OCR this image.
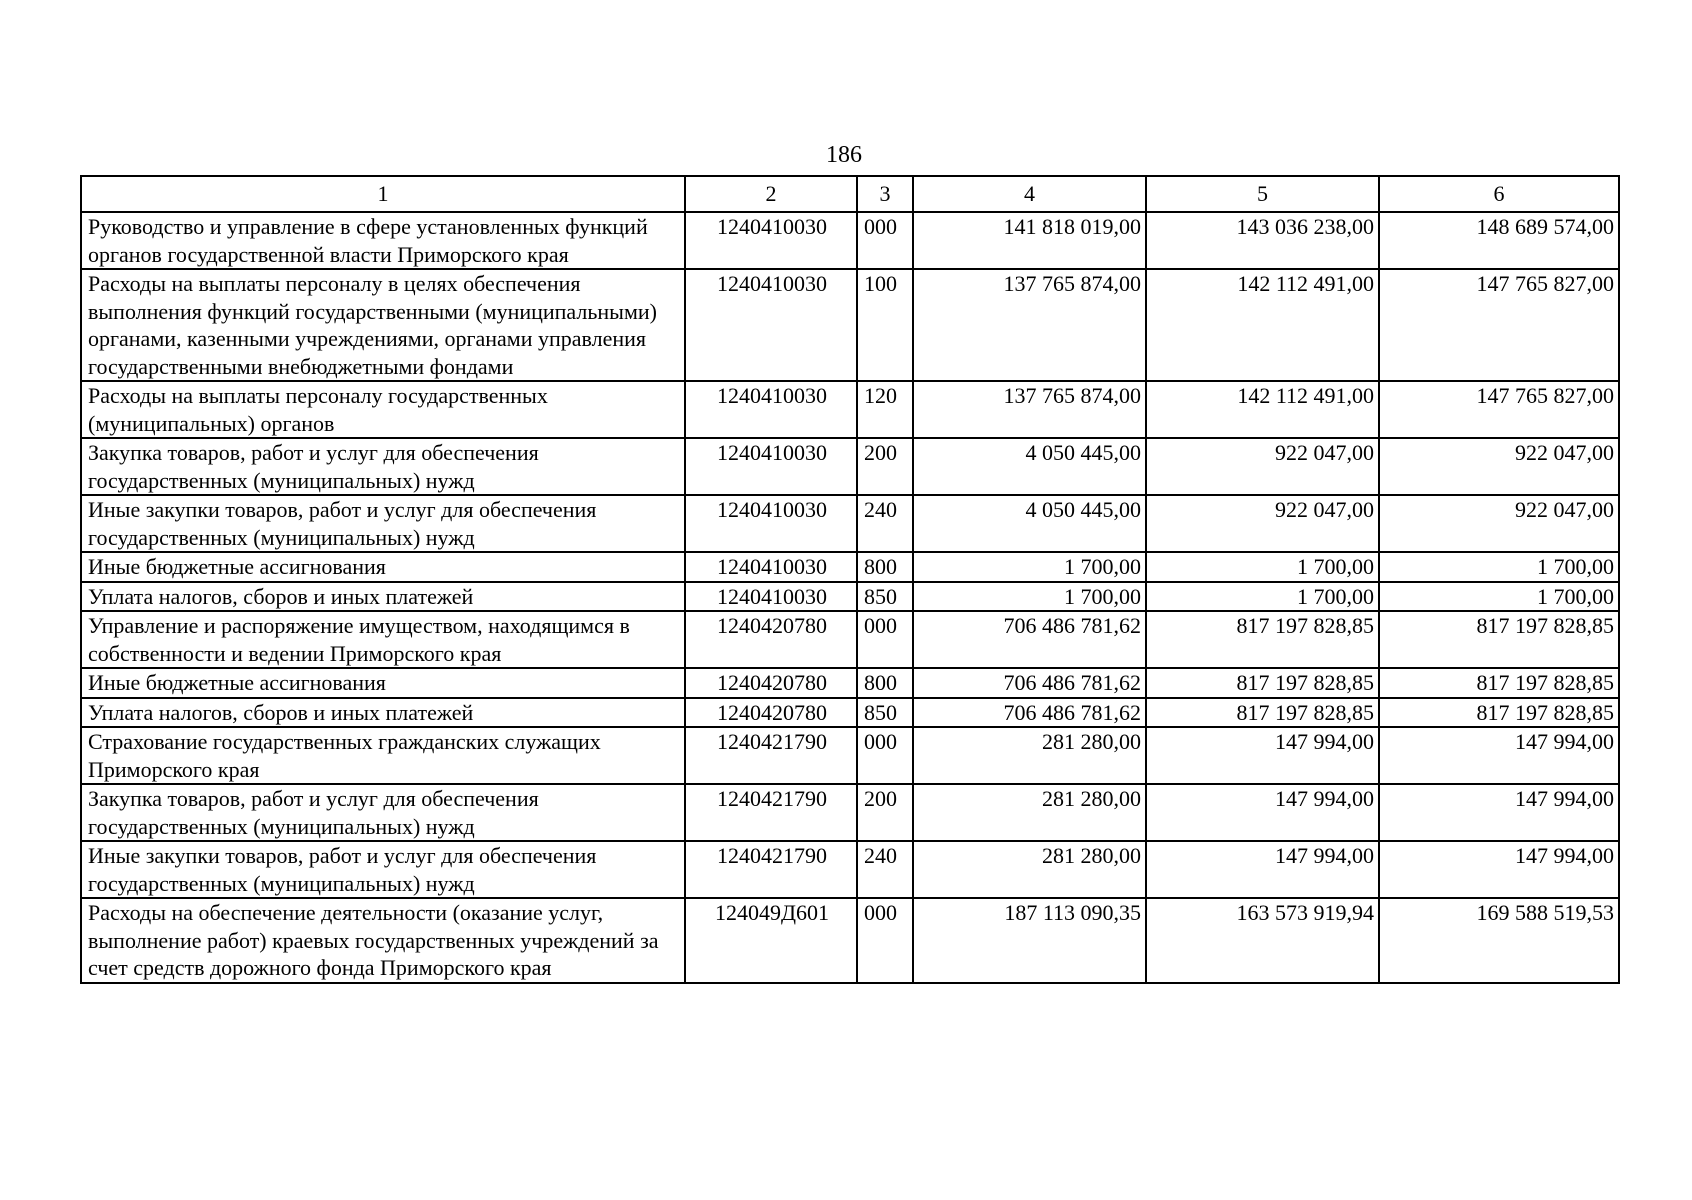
186
1	2	3	4	5	6
Руководство и управление в сфере установленных функций органов государственной власти Приморского края	1240410030	000	141 818 019,00	143 036 238,00	148 689 574,00
Расходы на выплаты персоналу в целях обеспечения выполнения функций государственными (муниципальными) органами, казенными учреждениями, органами управления государственными внебюджетными фондами	1240410030	100	137 765 874,00	142 112 491,00	147 765 827,00
Расходы на выплаты персоналу государственных (муниципальных) органов	1240410030	120	137 765 874,00	142 112 491,00	147 765 827,00
Закупка товаров, работ и услуг для обеспечения государственных (муниципальных) нужд	1240410030	200	4 050 445,00	922 047,00	922 047,00
Иные закупки товаров, работ и услуг для обеспечения государственных (муниципальных) нужд	1240410030	240	4 050 445,00	922 047,00	922 047,00
Иные бюджетные ассигнования	1240410030	800	1 700,00	1 700,00	1 700,00
Уплата налогов, сборов и иных платежей	1240410030	850	1 700,00	1 700,00	1 700,00
Управление и распоряжение имуществом, находящимся в собственности и ведении Приморского края	1240420780	000	706 486 781,62	817 197 828,85	817 197 828,85
Иные бюджетные ассигнования	1240420780	800	706 486 781,62	817 197 828,85	817 197 828,85
Уплата налогов, сборов и иных платежей	1240420780	850	706 486 781,62	817 197 828,85	817 197 828,85
Страхование государственных гражданских служащих Приморского края	1240421790	000	281 280,00	147 994,00	147 994,00
Закупка товаров, работ и услуг для обеспечения государственных (муниципальных) нужд	1240421790	200	281 280,00	147 994,00	147 994,00
Иные закупки товаров, работ и услуг для обеспечения государственных (муниципальных) нужд	1240421790	240	281 280,00	147 994,00	147 994,00
Расходы на обеспечение деятельности (оказание услуг, выполнение работ) краевых государственных учреждений за счет средств дорожного фонда Приморского края	124049Д601	000	187 113 090,35	163 573 919,94	169 588 519,53
